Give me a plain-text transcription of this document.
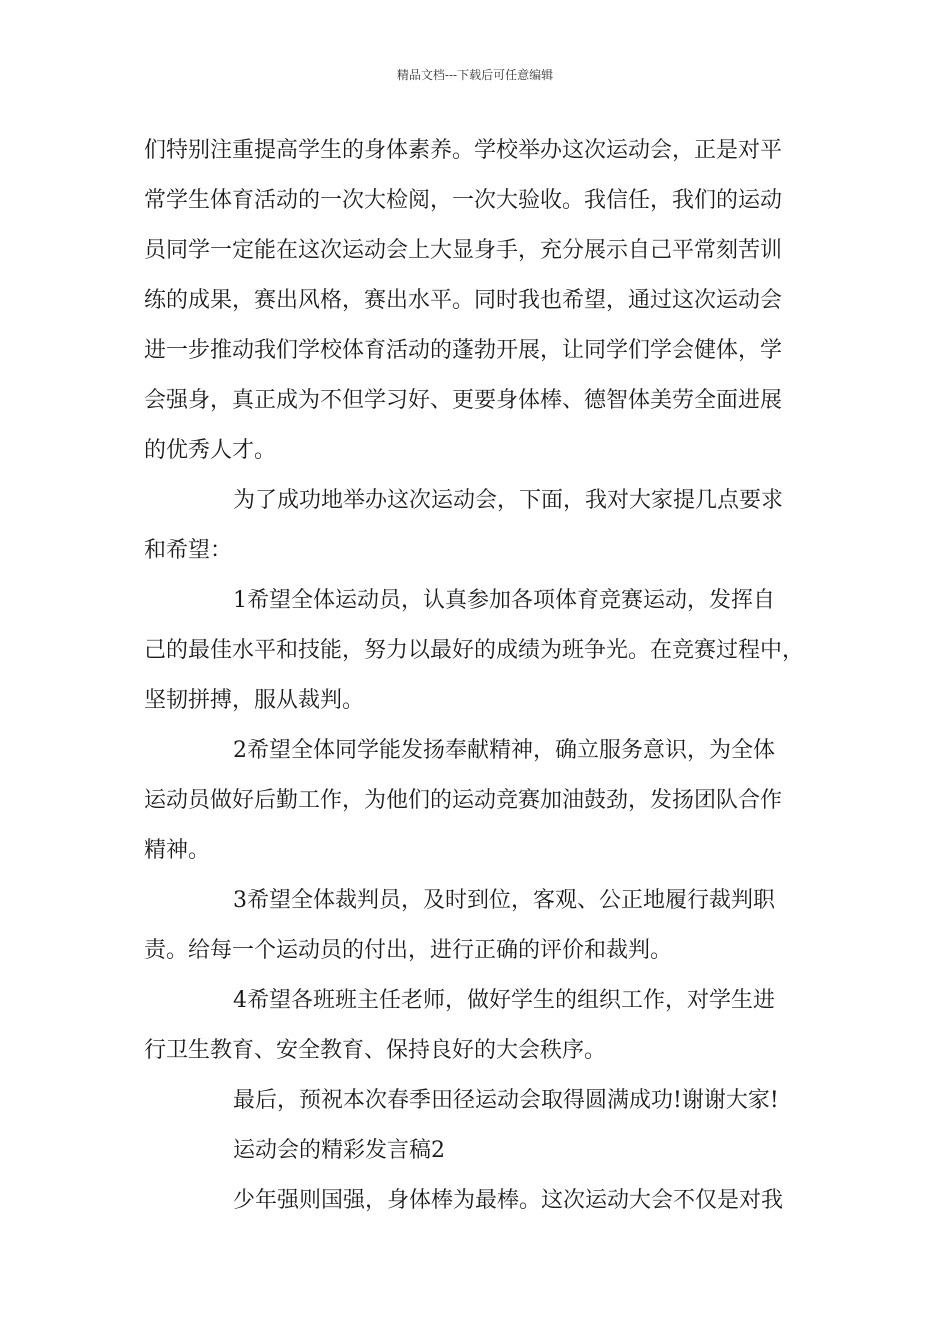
精品文档---下载后可任意编辑
们特别注重提高学生的身体素养。学校举办这次运动会，正是对平
常学生体育活动的一次大检阅，一次大验收。我信任，我们的运动
员同学一定能在这次运动会上大显身手，充分展示自己平常刻苦训
练的成果，赛出风格，赛出水平。同时我也希望，通过这次运动会
进一步推动我们学校体育活动的蓬勃开展，让同学们学会健体，学
会强身，真正成为不但学习好、更要身体棒、德智体美劳全面进展
的优秀人才。
为了成功地举办这次运动会，下面，我对大家提几点要求
和希望：
1希望全体运动员，认真参加各项体育竞赛运动，发挥自
己的最佳水平和技能，努力以最好的成绩为班争光。在竞赛过程中，
坚韧拼搏，服从裁判。
2希望全体同学能发扬奉献精神，确立服务意识，为全体
运动员做好后勤工作，为他们的运动竞赛加油鼓劲，发扬团队合作
精神。
3希望全体裁判员，及时到位，客观、公正地履行裁判职
责。给每一个运动员的付出，进行正确的评价和裁判。
4希望各班班主任老师，做好学生的组织工作，对学生进
行卫生教育、安全教育、保持良好的大会秩序。
最后，预祝本次春季田径运动会取得圆满成功!谢谢大家!
运动会的精彩发言稿2
少年强则国强，身体棒为最棒。这次运动大会不仅是对我
